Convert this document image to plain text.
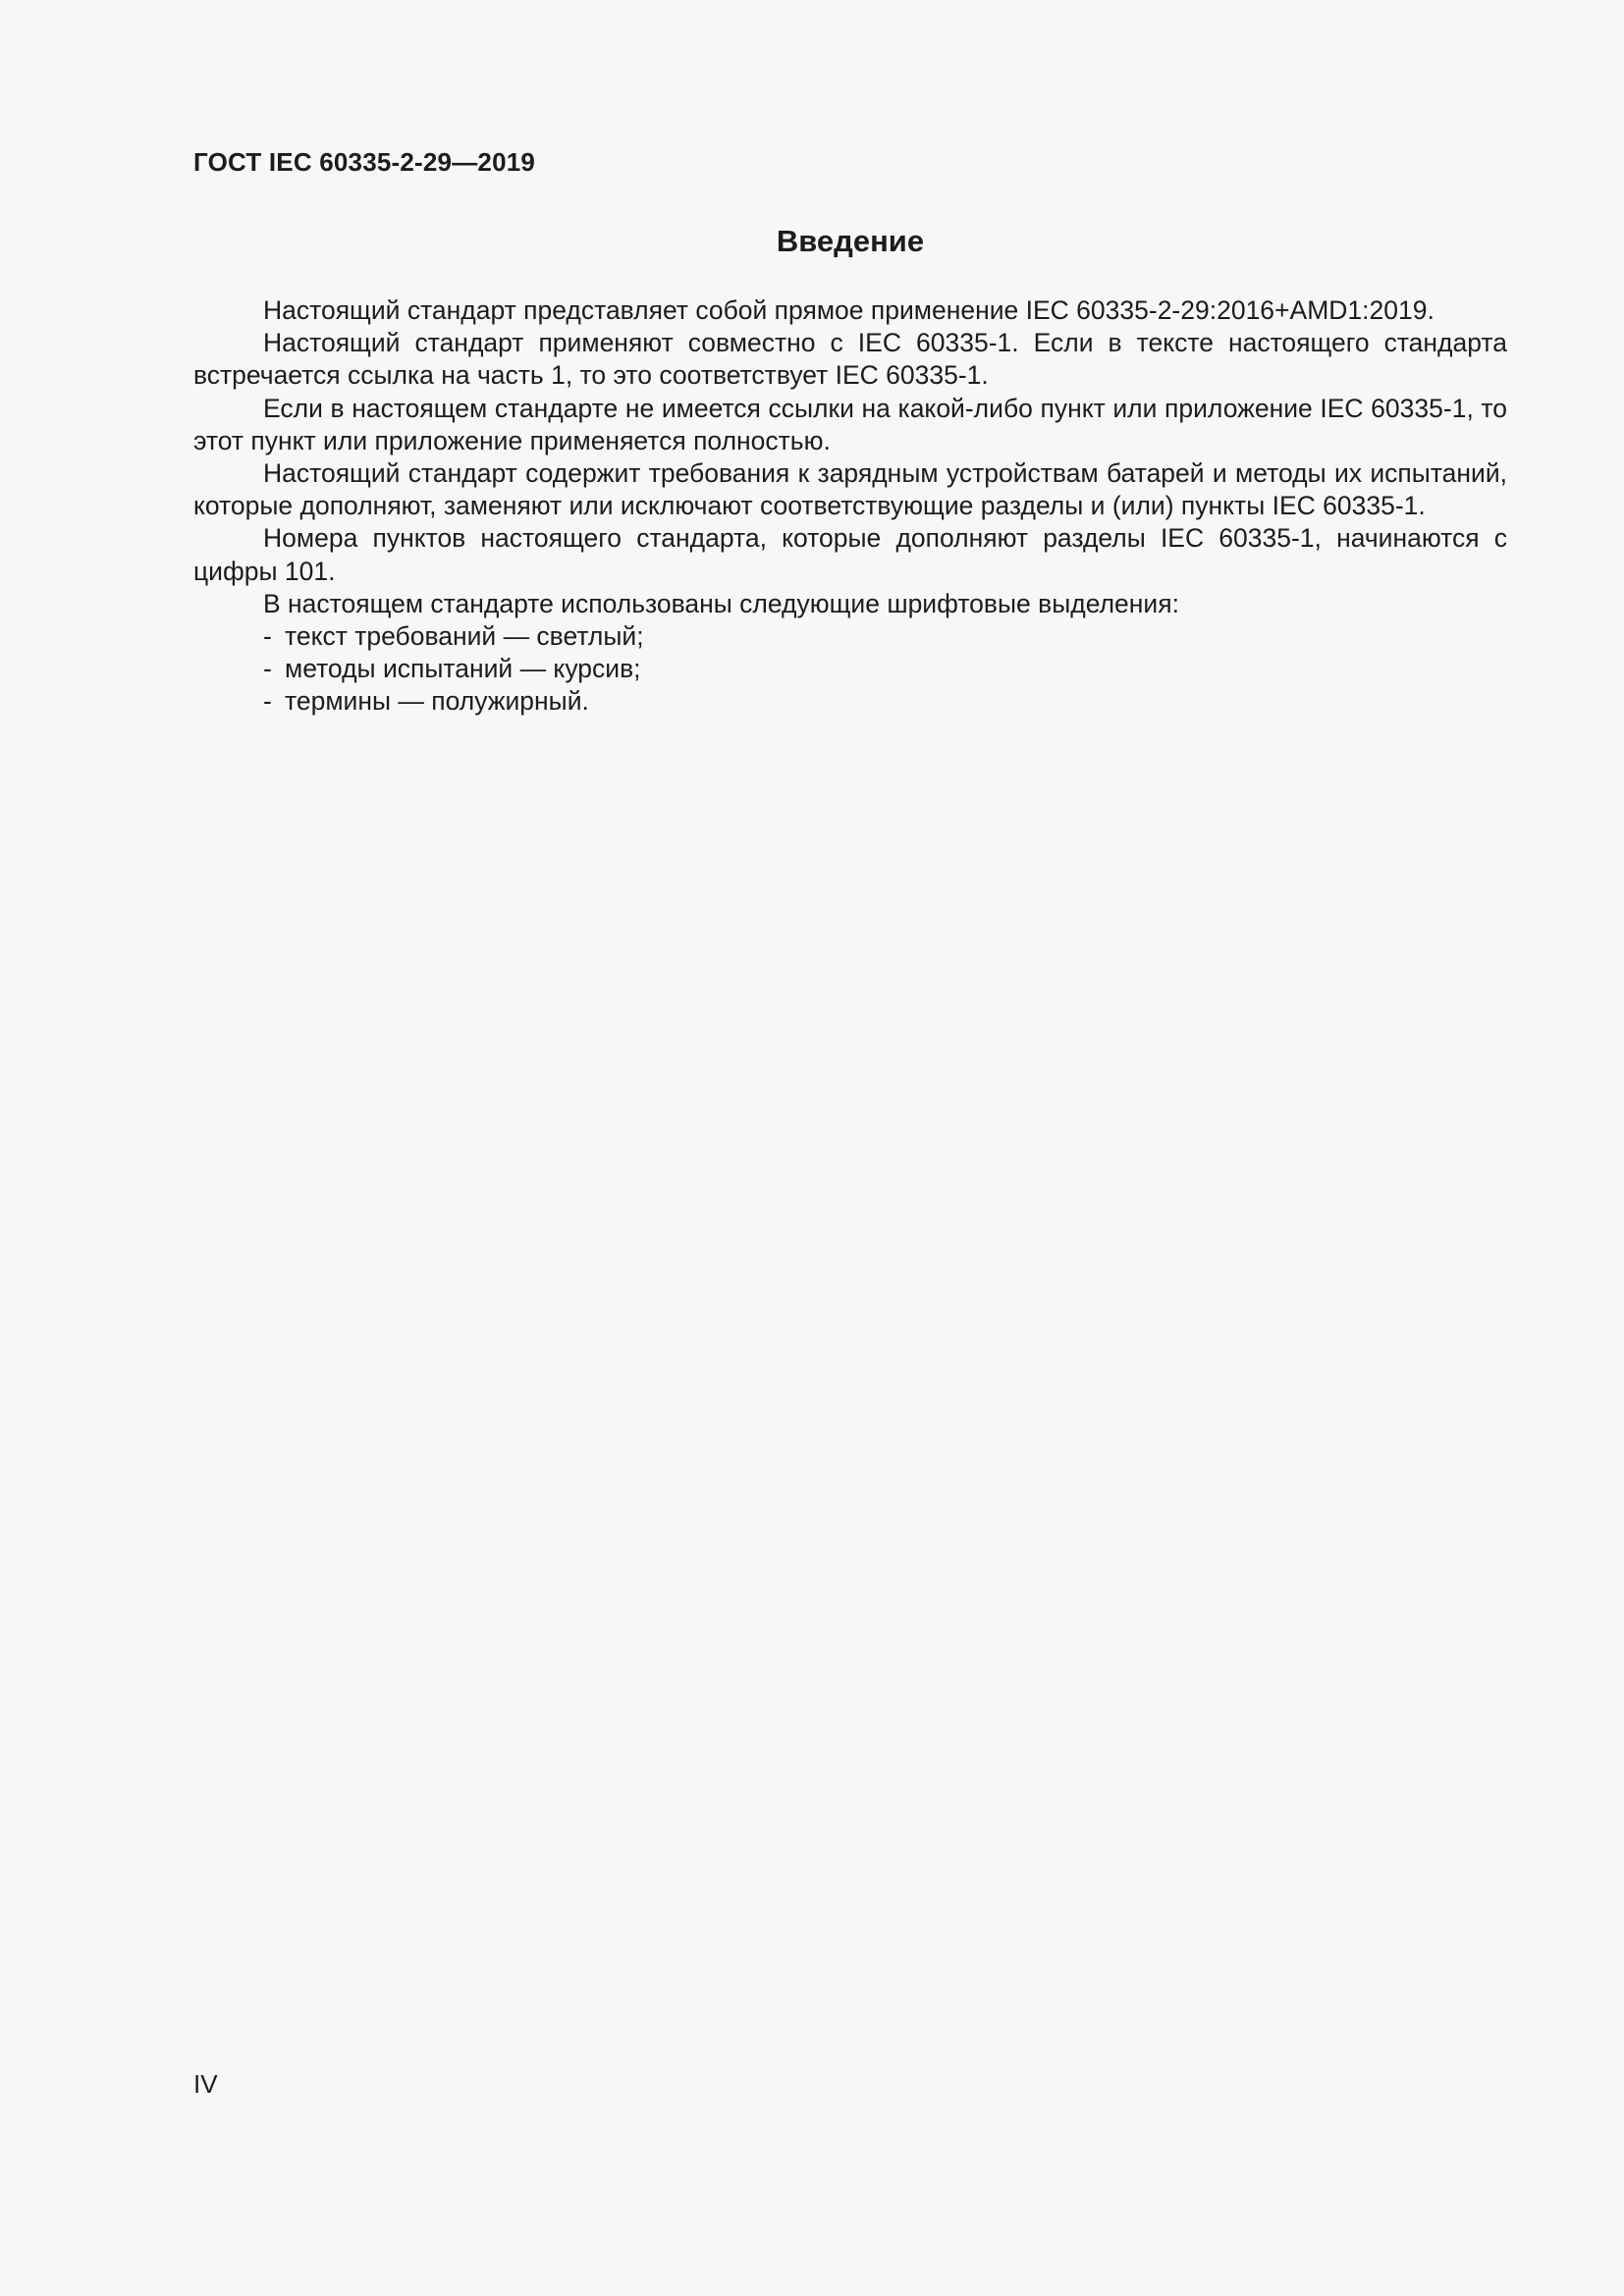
ГОСТ IEC 60335-2-29—2019
Введение

Настоящий стандарт представляет собой прямое применение IEC 60335-2-29:2016+AMD1:2019.

Настоящий стандарт применяют совместно с IEC 60335-1. Если в тексте настоящего стандарта встречается ссылка на часть 1, то это соответствует IEC 60335-1.

Если в настоящем стандарте не имеется ссылки на какой-либо пункт или приложение IEC 60335-1, то этот пункт или приложение применяется полностью.

Настоящий стандарт содержит требования к зарядным устройствам батарей и методы их испытаний, которые дополняют, заменяют или исключают соответствующие разделы и (или) пункты IEC 60335-1.

Номера пунктов настоящего стандарта, которые дополняют разделы IEC 60335-1, начинаются с цифры 101.

В настоящем стандарте использованы следующие шрифтовые выделения:

- текст требований — светлый;
- методы испытаний — курсив;
- термины — полужирный.
IV
